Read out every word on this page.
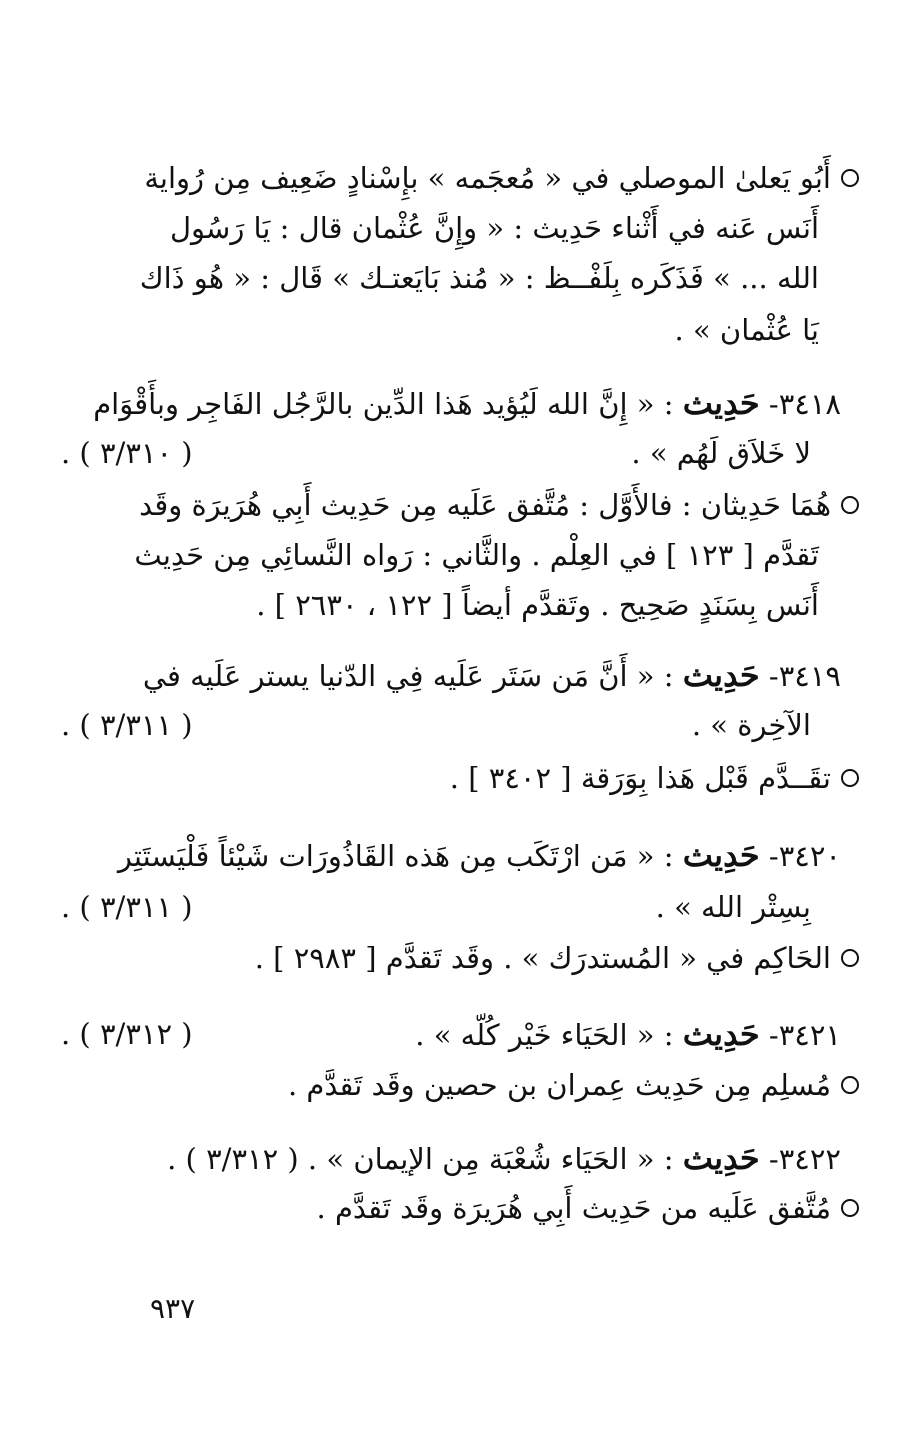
أَبُو يَعلىٰ الموصلي في « مُعجَمه » بإِسْنادٍ ضَعِيف مِن رُواية
أَنَس عَنه في أَثْناء حَدِيث : « وإِنَّ عُثْمان قال : يَا رَسُول
الله ... » فَذَكَره بِلَفْــظ : « مُنذ بَايَعتـك » قَال : « هُو ذَاك
يَا عُثْمان » .
٣٤١٨- حَدِيث : « إِنَّ الله لَيُؤيد هَذا الدِّين بالرَّجُل الفَاجِر وبأَقْوَام
لا خَلاَق لَهُم » .
( ٣/٣١٠ ) .
هُمَا حَدِيثان : فالأَوَّل : مُتَّفق عَلَيه مِن حَدِيث أَبِي هُرَيرَة وقَد
تَقدَّم [ ١٢٣ ] في العِلْم . والثَّاني : رَواه النَّسائِي مِن حَدِيث
أَنَس بِسَنَدٍ صَحِيح . وتَقدَّم أيضاً [ ١٢٢ ، ٢٦٣٠ ] .
٣٤١٩- حَدِيث : « أَنَّ مَن سَتَر عَلَيه فِي الدّنيا يستر عَلَيه في
الآخِرة » .
( ٣/٣١١ ) .
تقَــدَّم قَبْل هَذا بِوَرَقة [ ٣٤٠٢ ] .
٣٤٢٠- حَدِيث : « مَن ارْتَكَب مِن هَذه القَاذُورَات شَيْئاً فَلْيَستَتِر
بِسِتْر الله » .
( ٣/٣١١ ) .
الحَاكِم في « المُستدرَك » . وقَد تَقدَّم [ ٢٩٨٣ ] .
٣٤٢١- حَدِيث : « الحَيَاء خَيْر كُلّه » .
( ٣/٣١٢ ) .
مُسلِم مِن حَدِيث عِمران بن حصين وقَد تَقدَّم .
٣٤٢٢- حَدِيث : « الحَيَاء شُعْبَة مِن الإيمان » . ( ٣/٣١٢ ) .
مُتَّفق عَلَيه من حَدِيث أَبِي هُرَيرَة وقَد تَقدَّم .
٩٣٧
